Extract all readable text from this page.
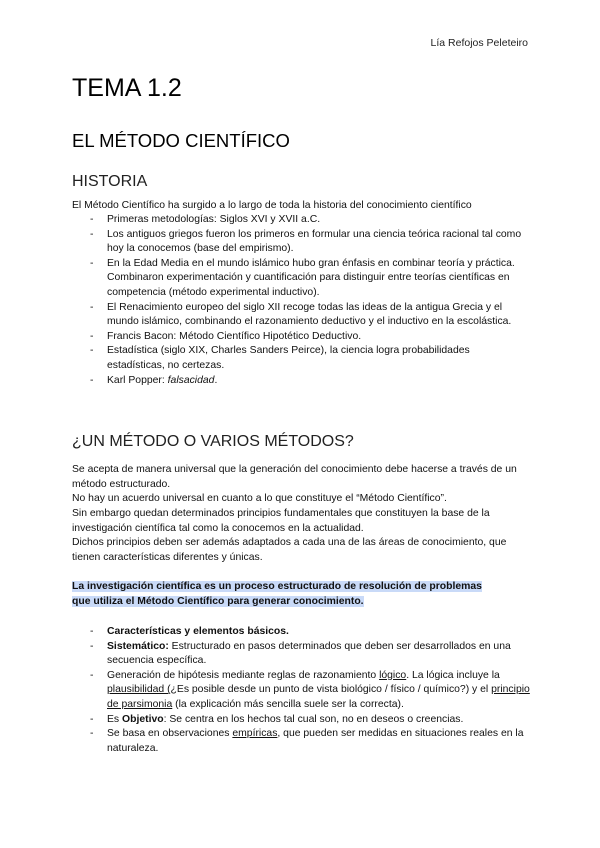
Lía Refojos Peleteiro
TEMA 1.2
EL MÉTODO CIENTÍFICO
HISTORIA

El Método Científico ha surgido a lo largo de toda la historia del conocimiento científico

- Primeras metodologías: Siglos XVI y XVII a.C.
- Los antiguos griegos fueron los primeros en formular una ciencia teórica racional tal como hoy la conocemos (base del empirismo).
- En la Edad Media en el mundo islámico hubo gran énfasis en combinar teoría y práctica. Combinaron experimentación y cuantificación para distinguir entre teorías científicas en competencia (método experimental inductivo).
- El Renacimiento europeo del siglo XII recoge todas las ideas de la antigua Grecia y el mundo islámico, combinando el razonamiento deductivo y el inductivo en la escolástica.
- Francis Bacon: Método Científico Hipotético Deductivo.
- Estadística (siglo XIX, Charles Sanders Peirce), la ciencia logra probabilidades estadísticas, no certezas.
- Karl Popper: falsacidad.
¿UN MÉTODO O VARIOS MÉTODOS?

Se acepta de manera universal que la generación del conocimiento debe hacerse a través de un método estructurado.

No hay un acuerdo universal en cuanto a lo que constituye el “Método Científico”.

Sin embargo quedan determinados principios fundamentales que constituyen la base de la investigación científica tal como la conocemos en la actualidad.

Dichos principios deben ser además adaptados a cada una de las áreas de conocimiento, que tienen características diferentes y únicas.

La investigación científica es un proceso estructurado de resolución de problemas
que utiliza el Método Científico para generar conocimiento.
- Características y elementos básicos.
- Sistemático: Estructurado en pasos determinados que deben ser desarrollados en una secuencia específica.
- Generación de hipótesis mediante reglas de razonamiento lógico. La lógica incluye la plausibilidad (¿Es posible desde un punto de vista biológico / físico / químico?) y el principio de parsimonia (la explicación más sencilla suele ser la correcta).
- Es Objetivo: Se centra en los hechos tal cual son, no en deseos o creencias.
- Se basa en observaciones empíricas, que pueden ser medidas en situaciones reales en la naturaleza.
